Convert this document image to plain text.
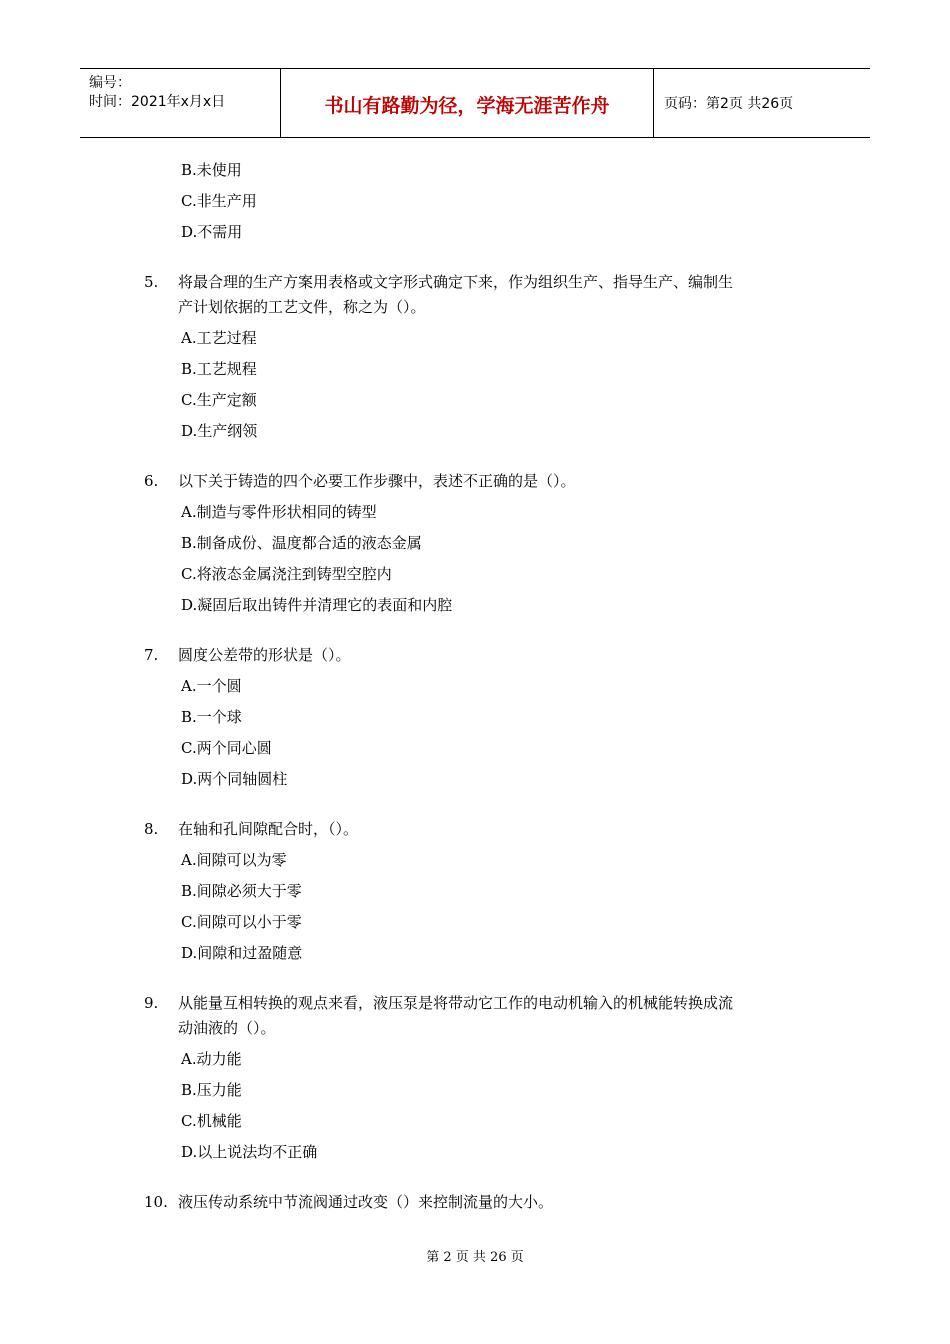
编号：
时间：2021年x月x日	书山有路勤为径，学海无涯苦作舟	页码：第2页 共26页
B.未使用
C.非生产用
D.不需用
5. 将最合理的生产方案用表格或文字形式确定下来，作为组织生产、指导生产、编制生
产计划依据的工艺文件，称之为（）。
A.工艺过程
B.工艺规程
C.生产定额
D.生产纲领
6. 以下关于铸造的四个必要工作步骤中，表述不正确的是（）。
A.制造与零件形状相同的铸型
B.制备成份、温度都合适的液态金属
C.将液态金属浇注到铸型空腔内
D.凝固后取出铸件并清理它的表面和内腔
7. 圆度公差带的形状是（）。
A.一个圆
B.一个球
C.两个同心圆
D.两个同轴圆柱
8. 在轴和孔间隙配合时，（）。
A.间隙可以为零
B.间隙必须大于零
C.间隙可以小于零
D.间隙和过盈随意
9. 从能量互相转换的观点来看，液压泵是将带动它工作的电动机输入的机械能转换成流
动油液的（）。
A.动力能
B.压力能
C.机械能
D.以上说法均不正确
10. 液压传动系统中节流阀通过改变（）来控制流量的大小。
第 2 页 共 26 页
